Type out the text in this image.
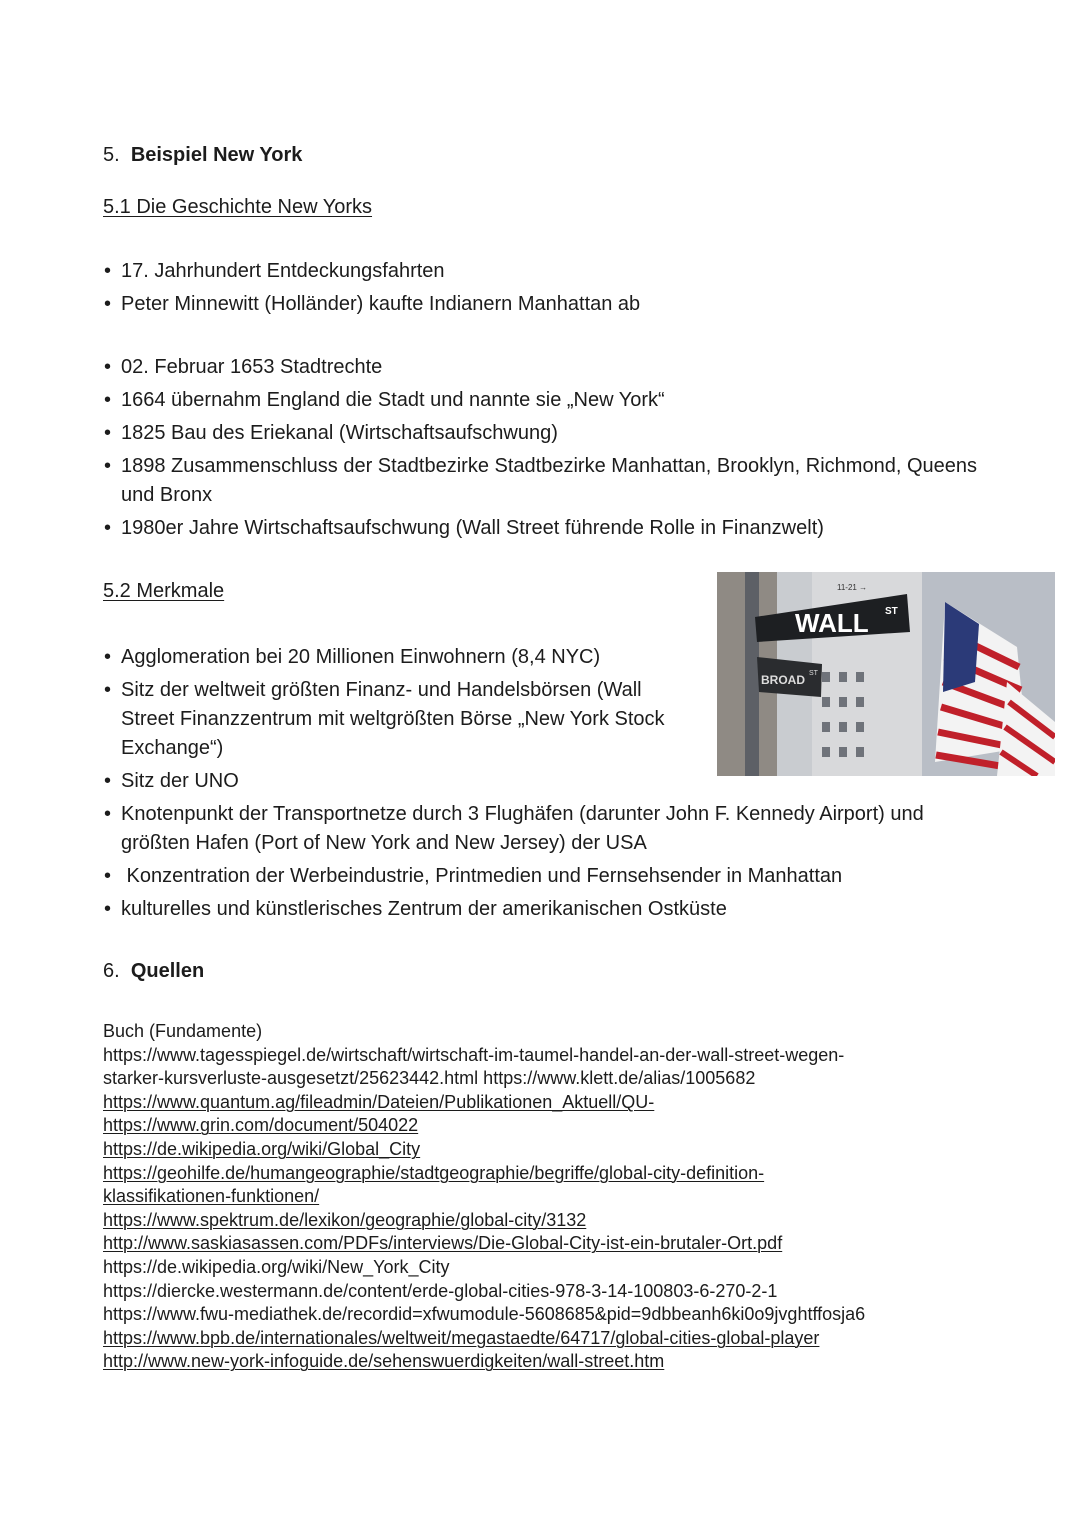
5. Beispiel New York
5.1 Die Geschichte New Yorks
• 17. Jahrhundert Entdeckungsfahrten
• Peter Minnewitt (Holländer) kaufte Indianern Manhattan ab
• 02. Februar 1653 Stadtrechte
• 1664 übernahm England die Stadt und nannte sie „New York“
• 1825 Bau des Eriekanal (Wirtschaftsaufschwung)
• 1898 Zusammenschluss der Stadtbezirke Stadtbezirke Manhattan, Brooklyn, Richmond, Queens und Bronx
• 1980er Jahre Wirtschaftsaufschwung (Wall Street führende Rolle in Finanzwelt)
5.2 Merkmale
• Agglomeration bei 20 Millionen Einwohnern (8,4 NYC)
• Sitz der weltweit größten Finanz- und Handelsbörsen (Wall Street Finanzzentrum mit weltgrößten Börse „New York Stock Exchange“)
• Sitz der UNO
• Knotenpunkt der Transportnetze durch 3 Flughäfen (darunter John F. Kennedy Airport) und größten Hafen (Port of New York and New Jersey) der USA
•  Konzentration der Werbeindustrie, Printmedien und Fernsehsender in Manhattan
• kulturelles und künstlerisches Zentrum der amerikanischen Ostküste
6. Quellen
Buch (Fundamente)
https://www.tagesspiegel.de/wirtschaft/wirtschaft-im-taumel-handel-an-der-wall-street-wegen-
starker-kursverluste-ausgesetzt/25623442.html https://www.klett.de/alias/1005682
https://www.quantum.ag/fileadmin/Dateien/Publikationen_Aktuell/QU-
https://www.grin.com/document/504022
https://de.wikipedia.org/wiki/Global_City
https://geohilfe.de/humangeographie/stadtgeographie/begriffe/global-city-definition-
klassifikationen-funktionen/
https://www.spektrum.de/lexikon/geographie/global-city/3132
http://www.saskiasassen.com/PDFs/interviews/Die-Global-City-ist-ein-brutaler-Ort.pdf
https://de.wikipedia.org/wiki/New_York_City
https://diercke.westermann.de/content/erde-global-cities-978-3-14-100803-6-270-2-1
https://www.fwu-mediathek.de/recordid=xfwumodule-5608685&pid=9dbbeanh6ki0o9jvghtffosja6
https://www.bpb.de/internationales/weltweit/megastaedte/64717/global-cities-global-player
http://www.new-york-infoguide.de/sehenswuerdigkeiten/wall-street.htm
11-21 →
WALL ST
BROAD ST
